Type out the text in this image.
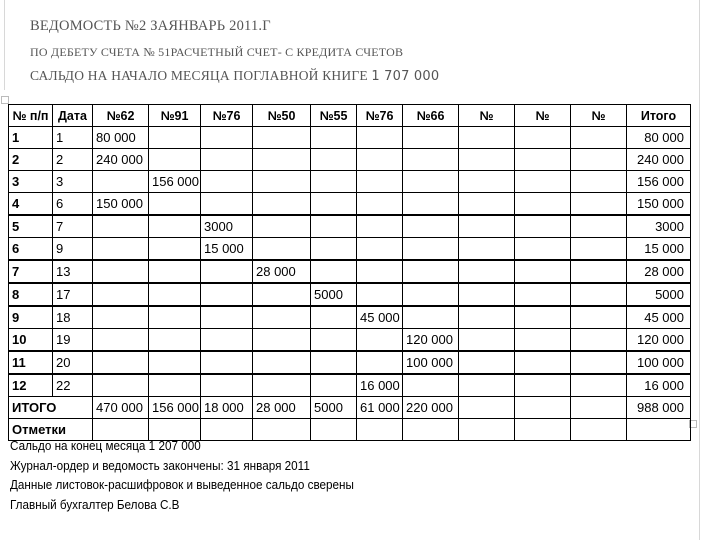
ВЕДОМОСТЬ №2 ЗАЯНВАРЬ 2011.Г

ПО ДЕБЕТУ СЧЕТА № 51РАСЧЕТНЫЙ СЧЕТ- С КРЕДИТА СЧЕТОВ

САЛЬДО НА НАЧАЛО МЕСЯЦА ПОГЛАВНОЙ КНИГЕ 1 707 000

№ п/п	Дата	№62	№91	№76	№50	№55	№76	№66	№	№	№	Итого
1	1	80 000										80 000
2	2	240 000										240 000
3	3		156 000									156 000
4	6	150 000										150 000
5	7			3000								3000
6	9			15 000								15 000
7	13				28 000							28 000
8	17					5000						5000
9	18						45 000					45 000
10	19							120 000				120 000
11	20							100 000				100 000
12	22						16 000					16 000
ИТОГО		470 000	156 000	18 000	28 000	5000	61 000	220 000				988 000
Отметки												
Сальдо на конец месяца 1 207 000
Журнал-ордер и ведомость закончены: 31 января 2011
Данные листовок-расшифровок и выведенное сальдо сверены
Главный бухгалтер Белова С.В
